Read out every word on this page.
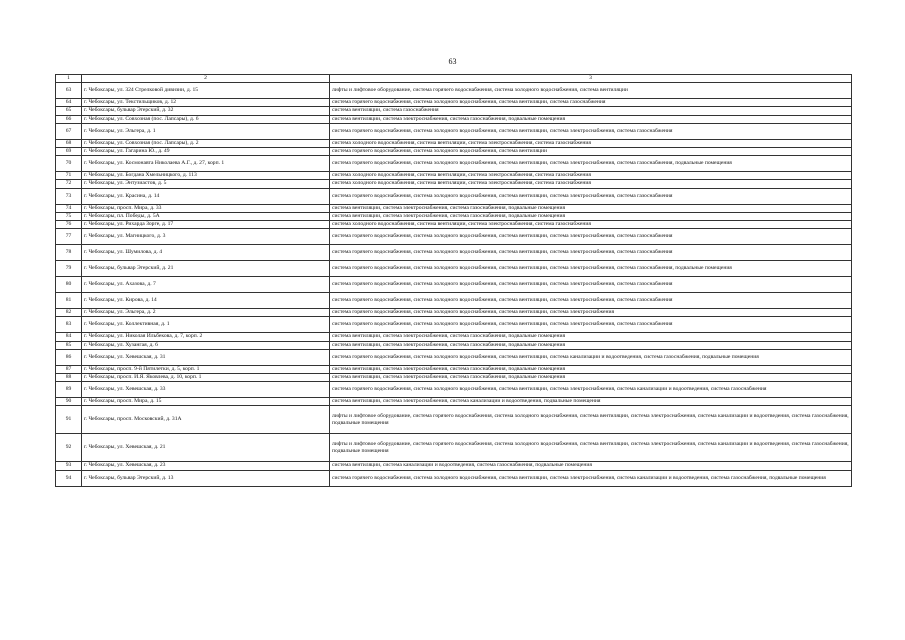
63
1	2	3
63	г. Чебоксары, ул. 324 Стрелковой дивизии, д. 15	лифты и лифтовое оборудование, система горячего водоснабжения, система холодного водоснабжения, система вентиляции
64	г. Чебоксары, ул. Текстильщиков, д. 12	система горячего водоснабжения, система холодного водоснабжения, система вентиляции, система газоснабжения
65	г. Чебоксары, бульвар Эгерский, д. 32	система вентиляции, система газоснабжения
66	г. Чебоксары, ул. Совхозная (пос. Лапсары), д. 6	система вентиляции, система электроснабжения, система газоснабжения, подвальные помещения
67	г. Чебоксары, ул. Эльгера, д. 1	система горячего водоснабжения, система холодного водоснабжения, система вентиляции, система электроснабжения, система газоснабжения
68	г. Чебоксары, ул. Совхозная (пос. Лапсары), д. 2	система холодного водоснабжения, система вентиляции, система электроснабжения, система газоснабжения
69	г. Чебоксары, ул. Гагарина Ю., д. 49	система горячего водоснабжения, система холодного водоснабжения, система вентиляции
70	г. Чебоксары, ул. Космонавта Николаева А.Г., д. 27, корп. 1	система горячего водоснабжения, система холодного водоснабжения, система вентиляции, система электроснабжения, система газоснабжения, подвальные помещения
71	г. Чебоксары, ул. Богдана Хмельницкого, д. 113	система холодного водоснабжения, система вентиляции, система электроснабжения, система газоснабжения
72	г. Чебоксары, ул. Энтузиастов, д. 5	система холодного водоснабжения, система вентиляции, система электроснабжения, система газоснабжения
73	г. Чебоксары, ул. Красина, д. 14	система горячего водоснабжения, система холодного водоснабжения, система вентиляции, система электроснабжения, система газоснабжения
74	г. Чебоксары, просп. Мира, д. 33	система вентиляции, система электроснабжения, система газоснабжения, подвальные помещения
75	г. Чебоксары, пл. Победы, д. 5А	система вентиляции, система электроснабжения, система газоснабжения, подвальные помещения
76	г. Чебоксары, ул. Рихарда Зорге, д. 17	система холодного водоснабжения, система вентиляции, система электроснабжения, система газоснабжения
77	г. Чебоксары, ул. Магницкого, д. 3	система горячего водоснабжения, система холодного водоснабжения, система вентиляции, система электроснабжения, система газоснабжения
78	г. Чебоксары, ул. Шумилова, д. 4	система горячего водоснабжения, система холодного водоснабжения, система вентиляции, система электроснабжения, система газоснабжения
79	г. Чебоксары, бульвар Эгерский, д. 21	система горячего водоснабжения, система холодного водоснабжения, система вентиляции, система электроснабжения, система газоснабжения, подвальные помещения
80	г. Чебоксары, ул. Ахазова, д. 7	система горячего водоснабжения, система холодного водоснабжения, система вентиляции, система электроснабжения, система газоснабжения
81	г. Чебоксары, ул. Кирова, д. 14	система горячего водоснабжения, система холодного водоснабжения, система вентиляции, система электроснабжения, система газоснабжения
82	г. Чебоксары, ул. Эльгера, д. 2	система горячего водоснабжения, система холодного водоснабжения, система вентиляции, система электроснабжения
83	г. Чебоксары, ул. Коллективная, д. 1	система горячего водоснабжения, система холодного водоснабжения, система вентиляции, система электроснабжения, система газоснабжения
84	г. Чебоксары, ул. Николая Ильбекова, д. 7, корп. 2	система вентиляции, система электроснабжения, система газоснабжения, подвальные помещения
85	г. Чебоксары, ул. Хузангая, д. 6	система вентиляции, система электроснабжения, система газоснабжения, подвальные помещения
86	г. Чебоксары, ул. Хевешская, д. 31	система горячего водоснабжения, система холодного водоснабжения, система вентиляции, система канализации и водоотведения, система газоснабжения, подвальные помещения
87	г. Чебоксары, просп. 9-й Пятилетки, д. 5, корп. 1	система вентиляции, система электроснабжения, система газоснабжения, подвальные помещения
88	г. Чебоксары, просп. И.Я. Яковлева, д. 10, корп. 1	система вентиляции, система электроснабжения, система газоснабжения, подвальные помещения
89	г. Чебоксары, ул. Хевешская, д. 33	система горячего водоснабжения, система холодного водоснабжения, система вентиляции, система электроснабжения, система канализации и водоотведения, система газоснабжения
90	г. Чебоксары, просп. Мира, д. 15	система вентиляции, система электроснабжения, система канализации и водоотведения, подвальные помещения
91	г. Чебоксары, просп. Московский, д. 31А	лифты и лифтовое оборудование, система горячего водоснабжения, система холодного водоснабжения, система вентиляции, система электроснабжения, система канализации и водоотведения, система газоснабжения, подвальные помещения
92	г. Чебоксары, ул. Хевешская, д. 21	лифты и лифтовое оборудование, система горячего водоснабжения, система холодного водоснабжения, система вентиляции, система электроснабжения, система канализации и водоотведения, система газоснабжения, подвальные помещения
93	г. Чебоксары, ул. Хевешская, д. 23	система вентиляции, система канализации и водоотведения, система газоснабжения, подвальные помещения
94	г. Чебоксары, бульвар Эгерский, д. 13	система горячего водоснабжения, система холодного водоснабжения, система вентиляции, система электроснабжения, система канализации и водоотведения, система газоснабжения, подвальные помещения
